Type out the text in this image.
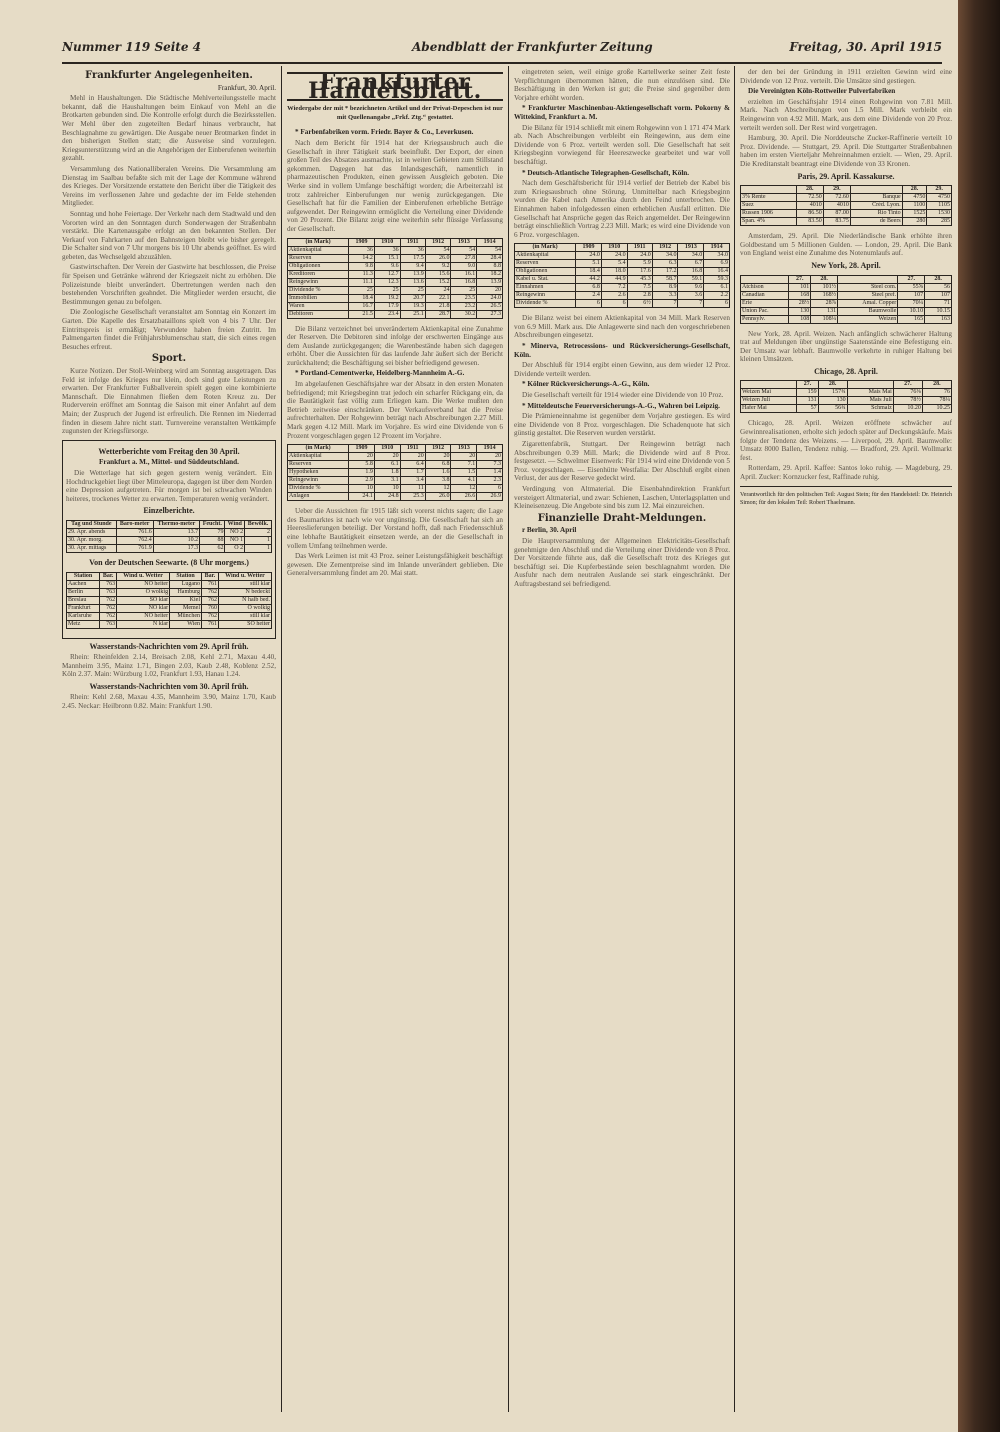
Nummer 119 Seite 4	Abendblatt der Frankfurter Zeitung	Freitag, 30. April 1915
Frankfurter Angelegenheiten.

Frankfurt, 30. April.

Mehl in Haushaltungen. Die Städtische Mehlverteilungsstelle macht bekannt, daß die Haushaltungen beim Einkauf von Mehl an die Brotkarten gebunden sind. Die Kontrolle erfolgt durch die Bezirksstellen. Wer Mehl über den zugeteilten Bedarf hinaus verbraucht, hat Beschlagnahme zu gewärtigen. Die Ausgabe neuer Brotmarken findet in den bisherigen Stellen statt; die Ausweise sind vorzulegen. Kriegsunterstützung wird an die Angehörigen der Einberufenen weiterhin gezahlt.

Versammlung des Nationalliberalen Vereins. Die Versammlung am Dienstag im Saalbau befaßte sich mit der Lage der Kommune während des Krieges. Der Vorsitzende erstattete den Bericht über die Tätigkeit des Vereins im verflossenen Jahre und gedachte der im Felde stehenden Mitglieder.

Sonntag und hohe Feiertage. Der Verkehr nach dem Stadtwald und den Vororten wird an den Sonntagen durch Sonderwagen der Straßenbahn verstärkt. Die Kartenausgabe erfolgt an den bekannten Stellen. Der Verkauf von Fahrkarten auf den Bahnsteigen bleibt wie bisher geregelt. Die Schalter sind von 7 Uhr morgens bis 10 Uhr abends geöffnet. Es wird gebeten, das Wechselgeld abzuzählen.

Gastwirtschaften. Der Verein der Gastwirte hat beschlossen, die Preise für Speisen und Getränke während der Kriegszeit nicht zu erhöhen. Die Polizeistunde bleibt unverändert. Übertretungen werden nach den bestehenden Vorschriften geahndet. Die Mitglieder werden ersucht, die Bestimmungen genau zu befolgen.

Die Zoologische Gesellschaft veranstaltet am Sonntag ein Konzert im Garten. Die Kapelle des Ersatzbataillons spielt von 4 bis 7 Uhr. Der Eintrittspreis ist ermäßigt; Verwundete haben freien Zutritt. Im Palmengarten findet die Frühjahrsblumenschau statt, die sich eines regen Besuches erfreut.

Sport.

Kurze Notizen. Der Stoll-Weinberg wird am Sonntag ausgetragen. Das Feld ist infolge des Krieges nur klein, doch sind gute Leistungen zu erwarten. Der Frankfurter Fußballverein spielt gegen eine kombinierte Mannschaft. Die Einnahmen fließen dem Roten Kreuz zu. Der Ruderverein eröffnet am Sonntag die Saison mit einer Anfahrt auf dem Main; der Zuspruch der Jugend ist erfreulich. Die Rennen im Niederrad finden in diesem Jahre nicht statt. Turnvereine veranstalten Wettkämpfe zugunsten der Kriegsfürsorge.

Wetterberichte vom Freitag den 30 April.

Frankfurt a. M., Mittel- und Süddeutschland.

Die Wetterlage hat sich gegen gestern wenig verändert. Ein Hochdruckgebiet liegt über Mitteleuropa, dagegen ist über dem Norden eine Depression aufgetreten. Für morgen ist bei schwachen Winden heiteres, trockenes Wetter zu erwarten. Temperaturen wenig verändert.

Einzelberichte.
Tag und Stunde	Baro-meter	Thermo-meter	Feucht.	Wind	Bewölk.
29. Apr. abends	761.6	13.7	79	NO 2	2
30. Apr. morg.	762.4	10.2	88	NO 1	1
30. Apr. mittags	761.9	17.3	62	O 2	1
Von der Deutschen Seewarte. (8 Uhr morgens.)
Station	Bar.	Wind u. Wetter	Station	Bar.	Wind u. Wetter
Aachen	763	NO heiter	Lugano	761	still klar
Berlin	763	O wolkig	Hamburg	762	N bedeckt
Breslau	762	SO klar	Kiel	762	N halb bed.
Frankfurt	762	NO klar	Memel	760	O wolkig
Karlsruhe	762	NO heiter	München	762	still klar
Metz	763	N klar	Wien	761	SO heiter
Wasserstands-Nachrichten vom 29. April früh.

Rhein: Rheinfelden 2.14, Breisach 2.08, Kehl 2.71, Maxau 4.40, Mannheim 3.95, Mainz 1.71, Bingen 2.03, Kaub 2.48, Koblenz 2.52, Köln 2.37. Main: Würzburg 1.02, Frankfurt 1.93, Hanau 1.24.

Wasserstands-Nachrichten vom 30. April früh.

Rhein: Kehl 2.68, Maxau 4.35, Mannheim 3.90, Mainz 1.70, Kaub 2.45. Neckar: Heilbronn 0.82. Main: Frankfurt 1.90.

Frankfurter Handelsblatt.
Wiedergabe der mit * bezeichneten Artikel und der Privat-Depeschen ist nur mit Quellenangabe „Frkf. Ztg.“ gestattet.

* Farbenfabriken vorm. Friedr. Bayer & Co., Leverkusen.

Nach dem Bericht für 1914 hat der Kriegsausbruch auch die Gesellschaft in ihrer Tätigkeit stark beeinflußt. Der Export, der einen großen Teil des Absatzes ausmachte, ist in weiten Gebieten zum Stillstand gekommen. Dagegen hat das Inlandsgeschäft, namentlich in pharmazeutischen Produkten, einen gewissen Ausgleich geboten. Die Werke sind in vollem Umfange beschäftigt worden; die Arbeiterzahl ist trotz zahlreicher Einberufungen nur wenig zurückgegangen. Die Gesellschaft hat für die Familien der Einberufenen erhebliche Beträge aufgewendet. Der Reingewinn ermöglicht die Verteilung einer Dividende von 20 Prozent. Die Bilanz zeigt eine weiterhin sehr flüssige Verfassung der Gesellschaft.

(in Mark)	1909	1910	1911	1912	1913	1914
Aktienkapital	36	36	36	54	54	54
Reserven	14.2	15.1	17.5	26.0	27.8	28.4
Obligationen	9.8	9.6	9.4	9.2	9.0	8.8
Kreditoren	11.3	12.7	13.9	15.6	16.1	18.2
Reingewinn	11.1	12.3	13.6	15.2	16.8	13.9
Dividende %	25	25	25	24	25	20
Immobilien	18.4	19.2	20.7	22.1	23.5	24.0
Waren	16.7	17.9	19.3	21.8	23.2	26.5
Debitoren	21.5	23.4	25.1	28.7	30.2	27.3

Die Bilanz verzeichnet bei unverändertem Aktienkapital eine Zunahme der Reserven. Die Debitoren sind infolge der erschwerten Eingänge aus dem Auslande zurückgegangen; die Warenbestände haben sich dagegen erhöht. Über die Aussichten für das laufende Jahr äußert sich der Bericht zurückhaltend; die Beschäftigung sei bisher befriedigend gewesen.

* Portland-Cementwerke, Heidelberg-Mannheim A.-G.

Im abgelaufenen Geschäftsjahre war der Absatz in den ersten Monaten befriedigend; mit Kriegsbeginn trat jedoch ein scharfer Rückgang ein, da die Bautätigkeit fast völlig zum Erliegen kam. Die Werke mußten den Betrieb zeitweise einschränken. Der Verkaufsverband hat die Preise aufrechterhalten. Der Rohgewinn beträgt nach Abschreibungen 2.27 Mill. Mark gegen 4.12 Mill. Mark im Vorjahre. Es wird eine Dividende von 6 Prozent vorgeschlagen gegen 12 Prozent im Vorjahre.

(in Mark)	1909	1910	1911	1912	1913	1914
Aktienkapital	20	20	20	20	20	20
Reserven	5.8	6.1	6.4	6.8	7.1	7.3
Hypotheken	1.9	1.8	1.7	1.6	1.5	1.4
Reingewinn	2.9	3.1	3.4	3.8	4.1	2.3
Dividende %	10	10	11	12	12	6
Anlagen	24.1	24.8	25.3	26.0	26.6	26.9

Ueber die Aussichten für 1915 läßt sich vorerst nichts sagen; die Lage des Baumarktes ist nach wie vor ungünstig. Die Gesellschaft hat sich an Heereslieferungen beteiligt. Der Vorstand hofft, daß nach Friedensschluß eine lebhafte Bautätigkeit einsetzen werde, an der die Gesellschaft in vollem Umfang teilnehmen werde.

Das Werk Leimen ist mit 43 Proz. seiner Leistungsfähigkeit beschäftigt gewesen. Die Zementpreise sind im Inlande unverändert geblieben. Die Generalversammlung findet am 20. Mai statt.

eingetreten seien, weil einige große Kartellwerke seiner Zeit feste Verpflichtungen übernommen hätten, die nun einzulösen sind. Die Beschäftigung in den Werken ist gut; die Preise sind gegenüber dem Vorjahre erhöht worden.

* Frankfurter Maschinenbau-Aktiengesellschaft vorm. Pokorny & Wittekind, Frankfurt a. M.

Die Bilanz für 1914 schließt mit einem Rohgewinn von 1 171 474 Mark ab. Nach Abschreibungen verbleibt ein Reingewinn, aus dem eine Dividende von 6 Proz. verteilt werden soll. Die Gesellschaft hat seit Kriegsbeginn vorwiegend für Heereszwecke gearbeitet und war voll beschäftigt.

* Deutsch-Atlantische Telegraphen-Gesellschaft, Köln.

Nach dem Geschäftsbericht für 1914 verlief der Betrieb der Kabel bis zum Kriegsausbruch ohne Störung. Unmittelbar nach Kriegsbeginn wurden die Kabel nach Amerika durch den Feind unterbrochen. Die Einnahmen haben infolgedessen einen erheblichen Ausfall erlitten. Die Gesellschaft hat Ansprüche gegen das Reich angemeldet. Der Reingewinn beträgt einschließlich Vortrag 2.23 Mill. Mark; es wird eine Dividende von 6 Proz. vorgeschlagen.

(in Mark)	1909	1910	1911	1912	1913	1914
Aktienkapital	24.0	24.0	24.0	34.0	34.0	34.0
Reserven	5.1	5.4	5.9	6.3	6.7	6.9
Obligationen	18.4	18.0	17.6	17.2	16.8	16.4
Kabel u. Stat.	44.2	44.9	45.3	58.7	59.1	59.3
Einnahmen	6.8	7.2	7.5	8.9	9.6	6.1
Reingewinn	2.4	2.6	2.8	3.3	3.6	2.2
Dividende %	6	6	6½	7	7	6

Die Bilanz weist bei einem Aktienkapital von 34 Mill. Mark Reserven von 6.9 Mill. Mark aus. Die Anlagewerte sind nach den vorgeschriebenen Abschreibungen eingesetzt.

* Minerva, Retrocessions- und Rückversicherungs-Gesellschaft, Köln.

Der Abschluß für 1914 ergibt einen Gewinn, aus dem wieder 12 Proz. Dividende verteilt werden.

* Kölner Rückversicherungs-A.-G., Köln.

Die Gesellschaft verteilt für 1914 wieder eine Dividende von 10 Proz.

* Mitteldeutsche Feuerversicherungs-A.-G., Wahren bei Leipzig.

Die Prämieneinnahme ist gegenüber dem Vorjahre gestiegen. Es wird eine Dividende von 8 Proz. vorgeschlagen. Die Schadenquote hat sich günstig gestaltet. Die Reserven wurden verstärkt.

Zigarettenfabrik, Stuttgart. Der Reingewinn beträgt nach Abschreibungen 0.39 Mill. Mark; die Dividende wird auf 8 Proz. festgesetzt. — Schwelmer Eisenwerk: Für 1914 wird eine Dividende von 5 Proz. vorgeschlagen. — Eisenhütte Westfalia: Der Abschluß ergibt einen Verlust, der aus der Reserve gedeckt wird.

Verdingung von Altmaterial. Die Eisenbahndirektion Frankfurt versteigert Altmaterial, und zwar: Schienen, Laschen, Unterlagsplatten und Kleineisenzeug. Die Angebote sind bis zum 12. Mai einzureichen.

Finanzielle Draht-Meldungen.

r Berlin, 30. April

Die Hauptversammlung der Allgemeinen Elektricitäts-Gesellschaft genehmigte den Abschluß und die Verteilung einer Dividende von 8 Proz. Der Vorsitzende führte aus, daß die Gesellschaft trotz des Krieges gut beschäftigt sei. Die Kupferbestände seien beschlagnahmt worden. Die Ausfuhr nach dem neutralen Auslande sei stark eingeschränkt. Der Auftragsbestand sei befriedigend.

der den bei der Gründung in 1911 erzielten Gewinn wird eine Dividende von 12 Proz. verteilt. Die Umsätze sind gestiegen.

Die Vereinigten Köln-Rottweiler Pulverfabriken

erzielten im Geschäftsjahr 1914 einen Rohgewinn von 7.81 Mill. Mark. Nach Abschreibungen von 1.5 Mill. Mark verbleibt ein Reingewinn von 4.92 Mill. Mark, aus dem eine Dividende von 20 Proz. verteilt werden soll. Der Rest wird vorgetragen.

Hamburg, 30. April. Die Norddeutsche Zucker-Raffinerie verteilt 10 Proz. Dividende. — Stuttgart, 29. April. Die Stuttgarter Straßenbahnen haben im ersten Vierteljahr Mehreinnahmen erzielt. — Wien, 29. April. Die Kreditanstalt beantragt eine Dividende von 33 Kronen.

Paris, 29. April. Kassakurse.
	28.	29.		28.	29.
3% Rente	72.50	72.60	Banque	4750	4750
Suez	4010	4010	Créd. Lyon.	1100	1105
Russen 1906	86.50	87.00	Rio Tinto	1525	1530
Span. 4%	83.50	83.75	de Beers	280	285

Amsterdam, 29. April. Die Niederländische Bank erhöhte ihren Goldbestand um 5 Millionen Gulden. — London, 29. April. Die Bank von England weist eine Zunahme des Notenumlaufs auf.

New York, 28. April.
	27.	28.		27.	28.
Atchison	101	101½	Steel com.	55⅝	56
Canadian	168	168½	Steel pref.	107	107
Erie	28½	28⅞	Amal. Copper	70¼	71
Union Pac.	130	131	Baumwolle	10.10	10.15
Pennsylv.	108	108¼	Weizen	165	163

New York, 28. April. Weizen. Nach anfänglich schwächerer Haltung trat auf Meldungen über ungünstige Saatenstände eine Befestigung ein. Der Umsatz war lebhaft. Baumwolle verkehrte in ruhiger Haltung bei kleinen Umsätzen.

Chicago, 28. April.
	27.	28.		27.	28.
Weizen Mai	159	157¾	Mais Mai	76⅜	76
Weizen Juli	131	130	Mais Juli	78½	78¼
Hafer Mai	57	56¾	Schmalz	10.20	10.25

Chicago, 28. April. Weizen eröffnete schwächer auf Gewinnrealisationen, erholte sich jedoch später auf Deckungskäufe. Mais folgte der Tendenz des Weizens. — Liverpool, 29. April. Baumwolle: Umsatz 8000 Ballen, Tendenz ruhig. — Bradford, 29. April. Wollmarkt fest.

Rotterdam, 29. April. Kaffee: Santos loko ruhig. — Magdeburg, 29. April. Zucker: Kornzucker fest, Raffinade ruhig.

Verantwortlich für den politischen Teil: August Stein; für den Handelsteil: Dr. Heinrich Simon; für den lokalen Teil: Robert Thaelmann.
